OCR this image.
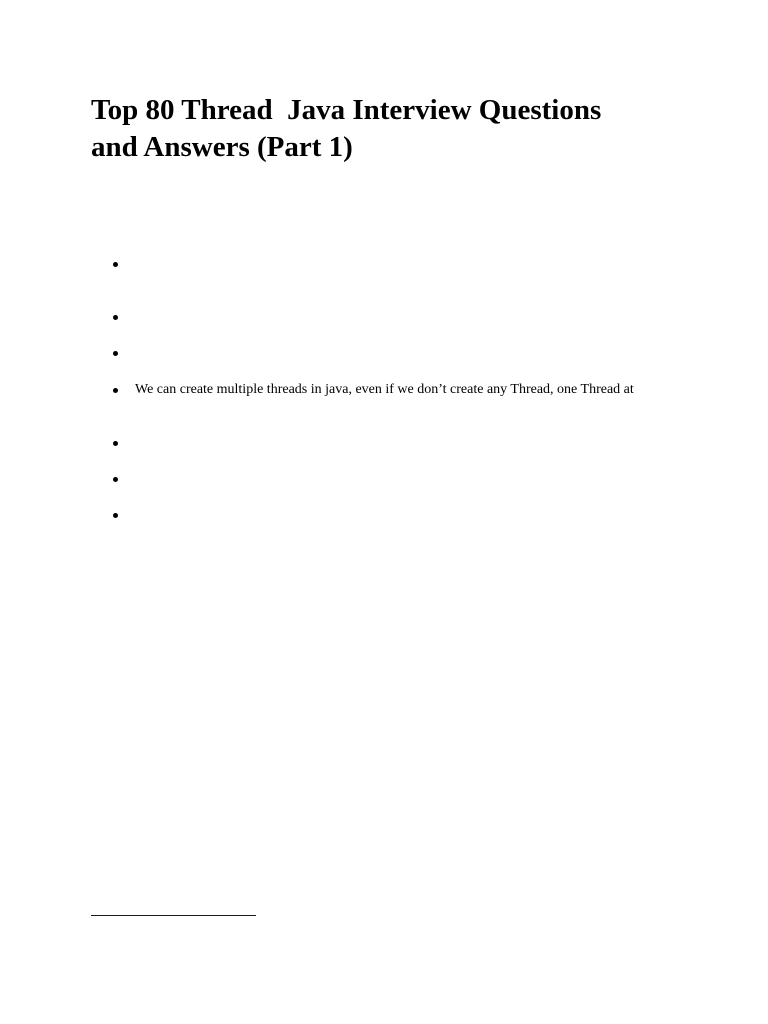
Top 80 Thread  Java Interview Questions and Answers (Part 1)
We can create multiple threads in java, even if we don’t create any Thread, one Thread at
